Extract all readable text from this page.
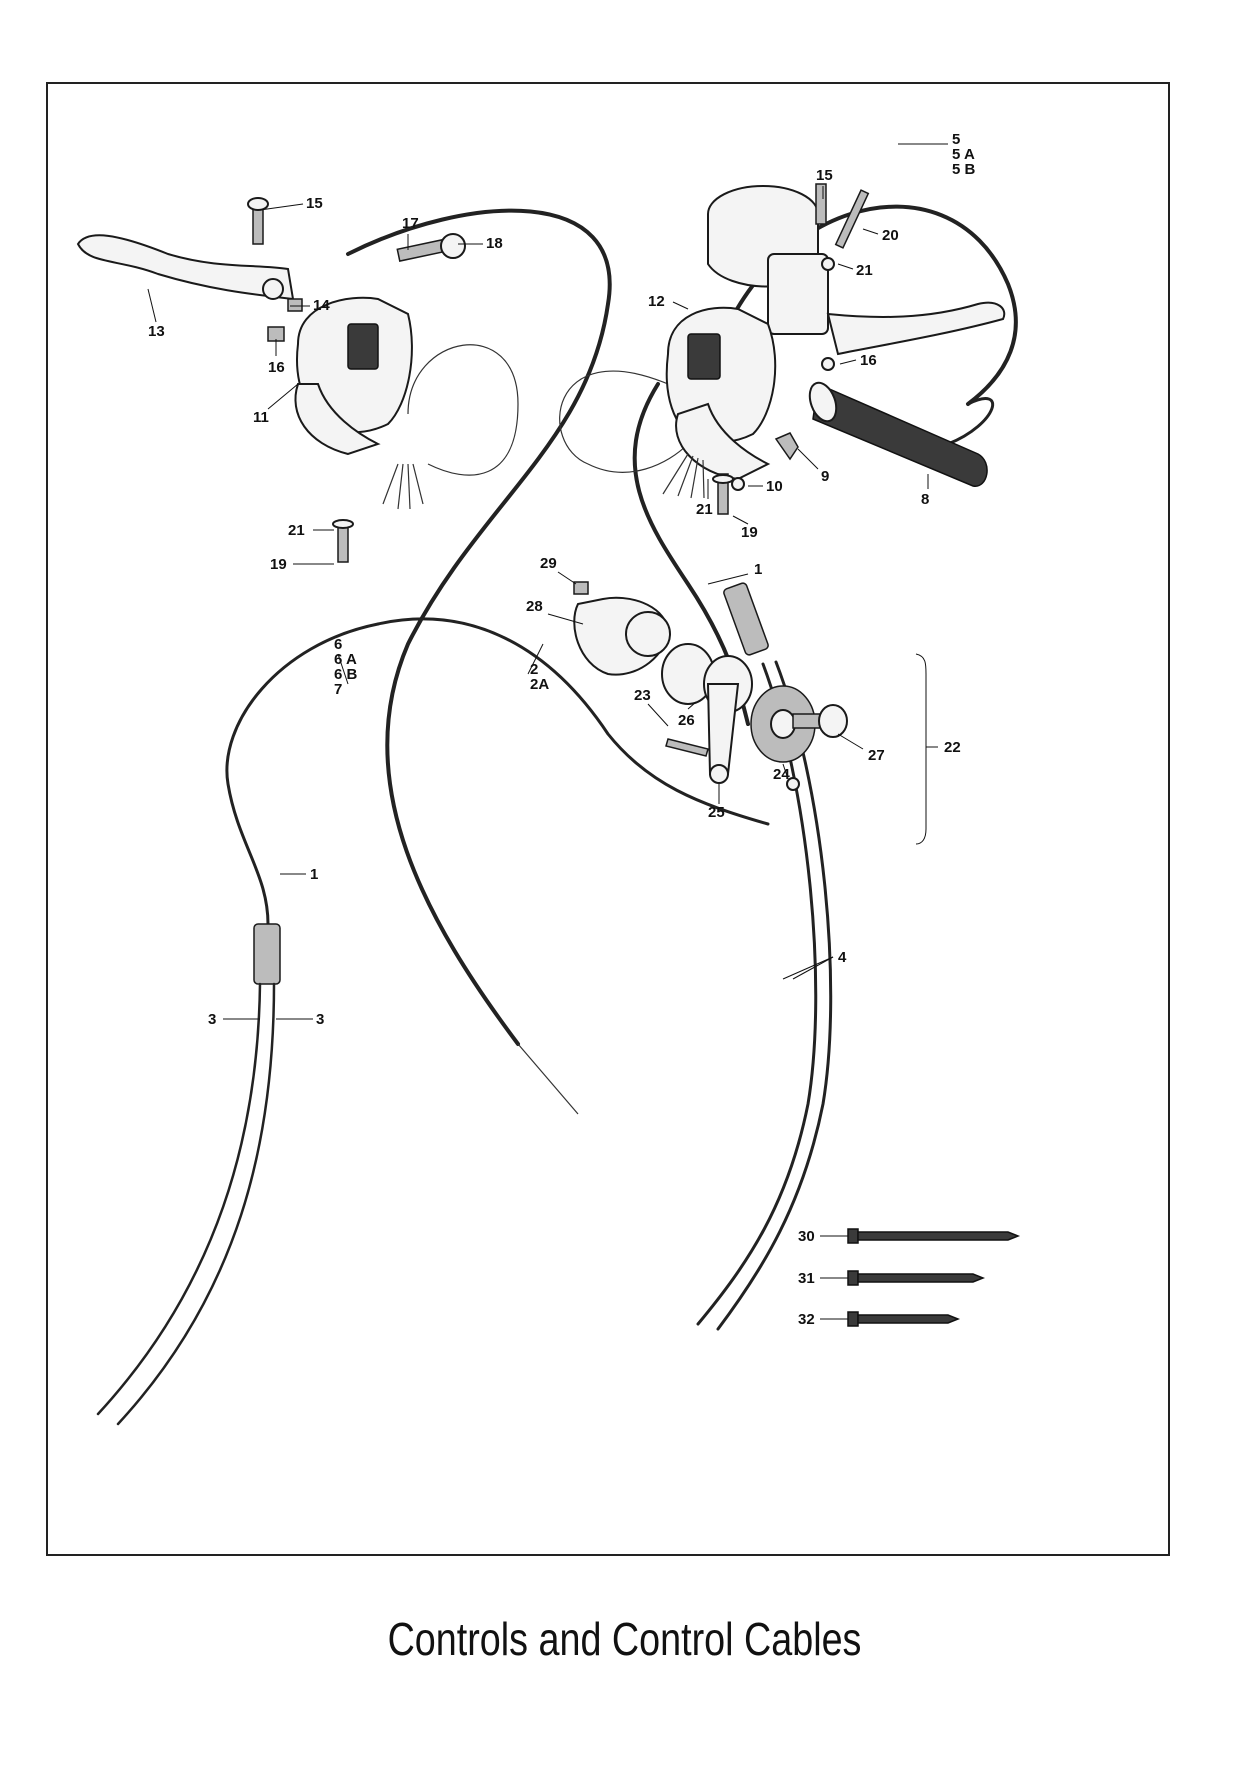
15
17
18
13
14
16
11
21
19
5 5 A 5 B
15
20
21
12
16
9
10
21
8
19
1
29
28
6 6 A 6 B 7
2 2A
23
26
22
27
24
25
1
4
3	3
30
31
32
Controls and Control Cables
